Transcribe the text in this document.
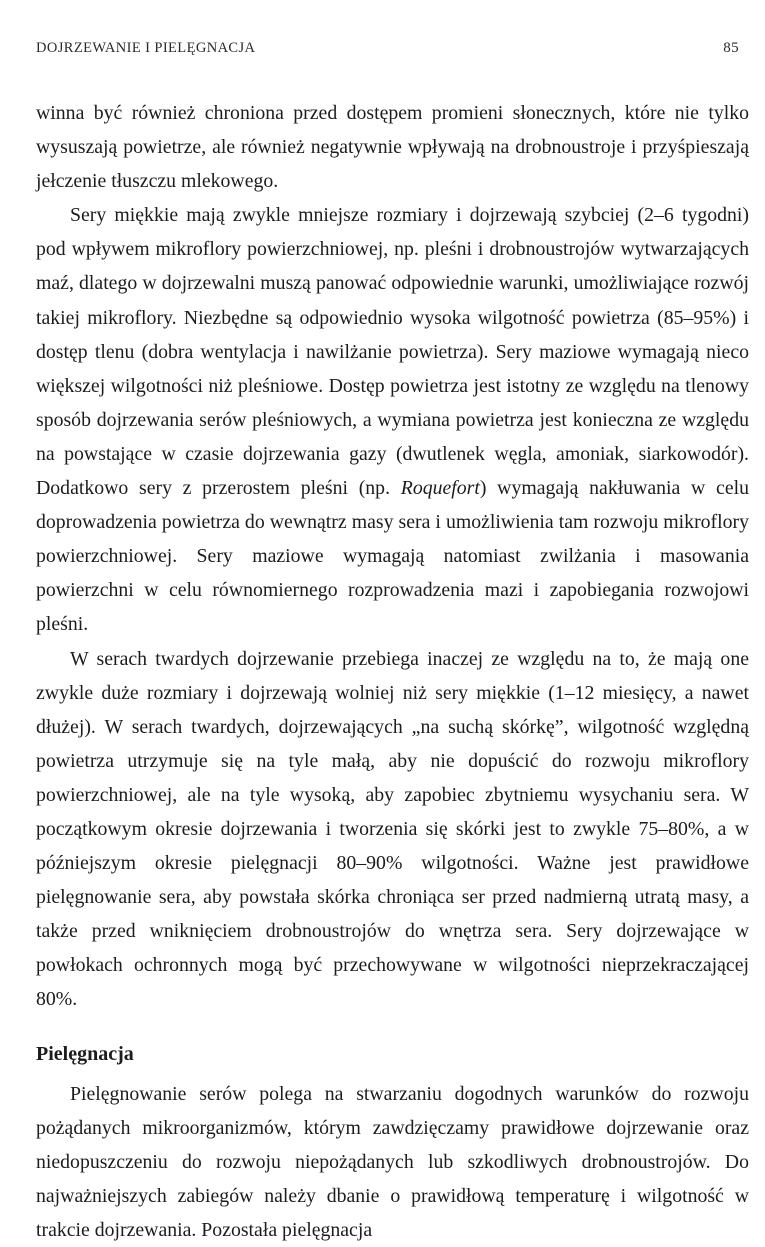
DOJRZEWANIE I PIELĘGNACJA	85

winna być również chroniona przed dostępem promieni słonecznych, które nie tylko wysuszają powietrze, ale również negatywnie wpływają na drobnoustroje i przyśpieszają jełczenie tłuszczu mlekowego.

Sery miękkie mają zwykle mniejsze rozmiary i dojrzewają szybciej (2–6 tygodni) pod wpływem mikroflory powierzchniowej, np. pleśni i drobnoustrojów wytwarzających maź, dlatego w dojrzewalni muszą panować odpowiednie warunki, umożliwiające rozwój takiej mikroflory. Niezbędne są odpowiednio wysoka wilgotność powietrza (85–95%) i dostęp tlenu (dobra wentylacja i nawilżanie powietrza). Sery maziowe wymagają nieco większej wilgotności niż pleśniowe. Dostęp powietrza jest istotny ze względu na tlenowy sposób dojrzewania serów pleśniowych, a wymiana powietrza jest konieczna ze względu na powstające w czasie dojrzewania gazy (dwutlenek węgla, amoniak, siarkowodór). Dodatkowo sery z przerostem pleśni (np. Roquefort) wymagają nakłuwania w celu doprowadzenia powietrza do wewnątrz masy sera i umożliwienia tam rozwoju mikroflory powierzchniowej. Sery maziowe wymagają natomiast zwilżania i masowania powierzchni w celu równomiernego rozprowadzenia mazi i zapobiegania rozwojowi pleśni.

W serach twardych dojrzewanie przebiega inaczej ze względu na to, że mają one zwykle duże rozmiary i dojrzewają wolniej niż sery miękkie (1–12 miesięcy, a nawet dłużej). W serach twardych, dojrzewających „na suchą skórkę”, wilgotność względną powietrza utrzymuje się na tyle małą, aby nie dopuścić do rozwoju mikroflory powierzchniowej, ale na tyle wysoką, aby zapobiec zbytniemu wysychaniu sera. W początkowym okresie dojrzewania i tworzenia się skórki jest to zwykle 75–80%, a w późniejszym okresie pielęgnacji 80–90% wilgotności. Ważne jest prawidłowe pielęgnowanie sera, aby powstała skórka chroniąca ser przed nadmierną utratą masy, a także przed wniknięciem drobnoustrojów do wnętrza sera. Sery dojrzewające w powłokach ochronnych mogą być przechowywane w wilgotności nieprzekraczającej 80%.

Pielęgnacja

Pielęgnowanie serów polega na stwarzaniu dogodnych warunków do rozwoju pożądanych mikroorganizmów, którym zawdzięczamy prawidłowe dojrzewanie oraz niedopuszczeniu do rozwoju niepożądanych lub szkodliwych drobnoustrojów. Do najważniejszych zabiegów należy dbanie o prawidłową temperaturę i wilgotność w trakcie dojrzewania. Pozostała pielęgnacja
